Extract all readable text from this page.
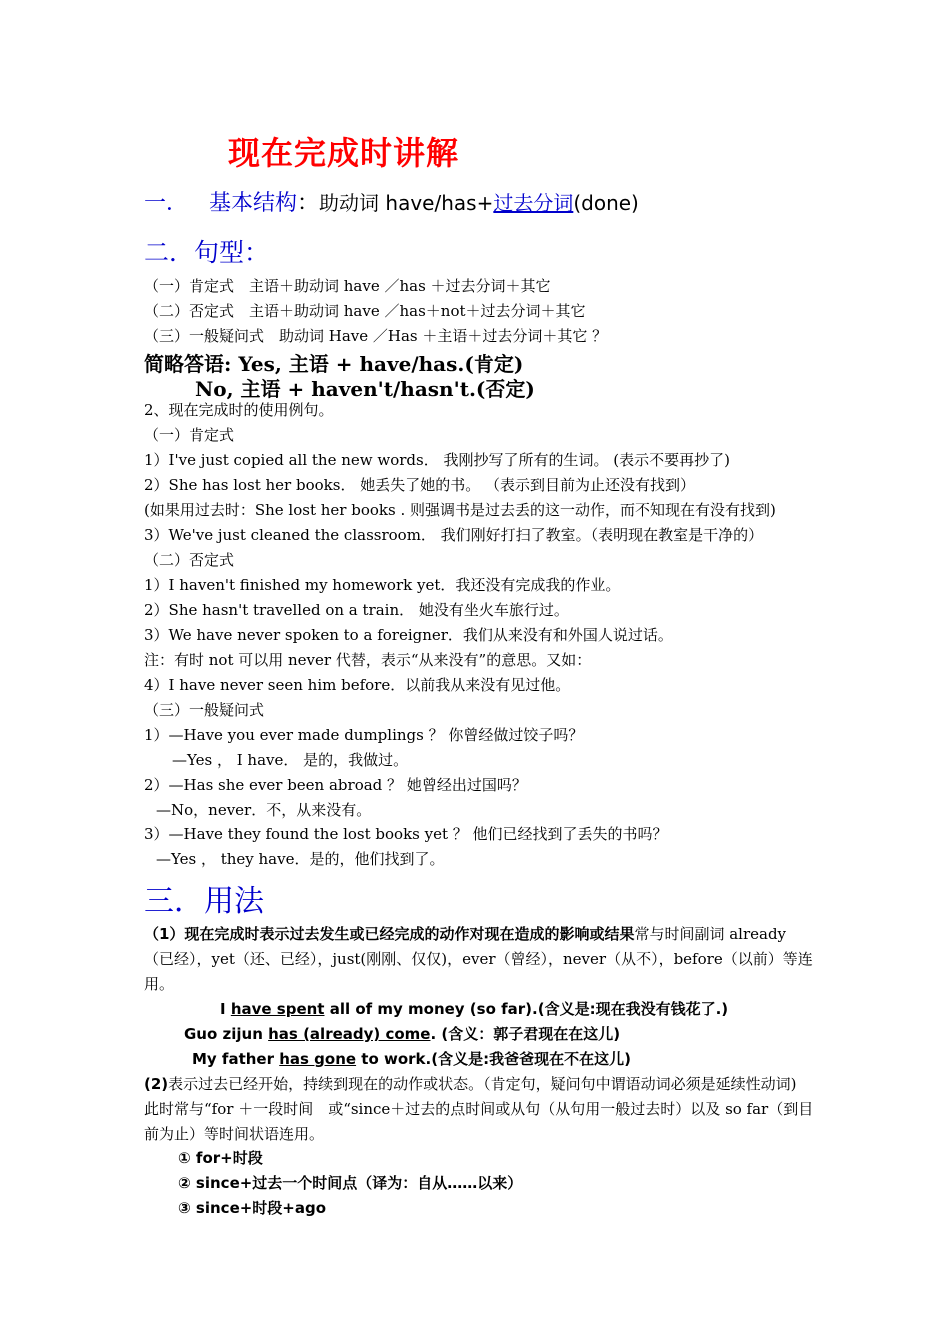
现在完成时讲解
一． 基本结构：助动词 have/has+过去分词(done)
二．句型：
（一）肯定式　主语＋助动词 have ／has ＋过去分词＋其它
（二）否定式　主语＋助动词 have ／has＋not＋过去分词＋其它
（三）一般疑问式　助动词 Have ／Has ＋主语＋过去分词＋其它 ？
简略答语: Yes, 主语 + have/has.(肯定)
No, 主语 + haven't/hasn't.(否定)
2、现在完成时的使用例句。
（一）肯定式
1）I've just copied all the new words． 我刚抄写了所有的生词。 (表示不要再抄了)
2）She has lost her books． 她丢失了她的书。 （表示到目前为止还没有找到）
(如果用过去时：She lost her books . 则强调书是过去丢的这一动作，而不知现在有没有找到)
3）We've just cleaned the classroom． 我们刚好打扫了教室。（表明现在教室是干净的）
（二）否定式
1）I haven't finished my homework yet．我还没有完成我的作业。
2）She hasn't travelled on a train． 她没有坐火车旅行过。
3）We have never spoken to a foreigner．我们从来没有和外国人说过话。
注：有时 not 可以用 never 代替，表示“从来没有”的意思。又如：
4）I have never seen him before．以前我从来没有见过他。
（三）一般疑问式
1）—Have you ever made dumplings ？ 你曾经做过饺子吗？
—Yes ， I have． 是的，我做过。
2）—Has she ever been abroad ？ 她曾经出过国吗？
—No，never．不，从来没有。
3）—Have they found the lost books yet ？ 他们已经找到了丢失的书吗？
—Yes ， they have．是的，他们找到了。
三．用法
（1）现在完成时表示过去发生或已经完成的动作对现在造成的影响或结果常与时间副词 already（已经），yet（还、已经），just(刚刚、仅仅)，ever（曾经），never（从不），before（以前）等连用。
I have spent all of my money (so far).(含义是:现在我没有钱花了.)
Guo zijun has (already) come. (含义：郭子君现在在这儿)
My father has gone to work.(含义是:我爸爸现在不在这儿)
(2)表示过去已经开始，持续到现在的动作或状态。（肯定句，疑问句中谓语动词必须是延续性动词) 此时常与“for ＋一段时间　或“since＋过去的点时间或从句（从句用一般过去时）以及 so far（到目前为止）等时间状语连用。
① for+时段
② since+过去一个时间点（译为：自从……以来）
③ since+时段+ago
